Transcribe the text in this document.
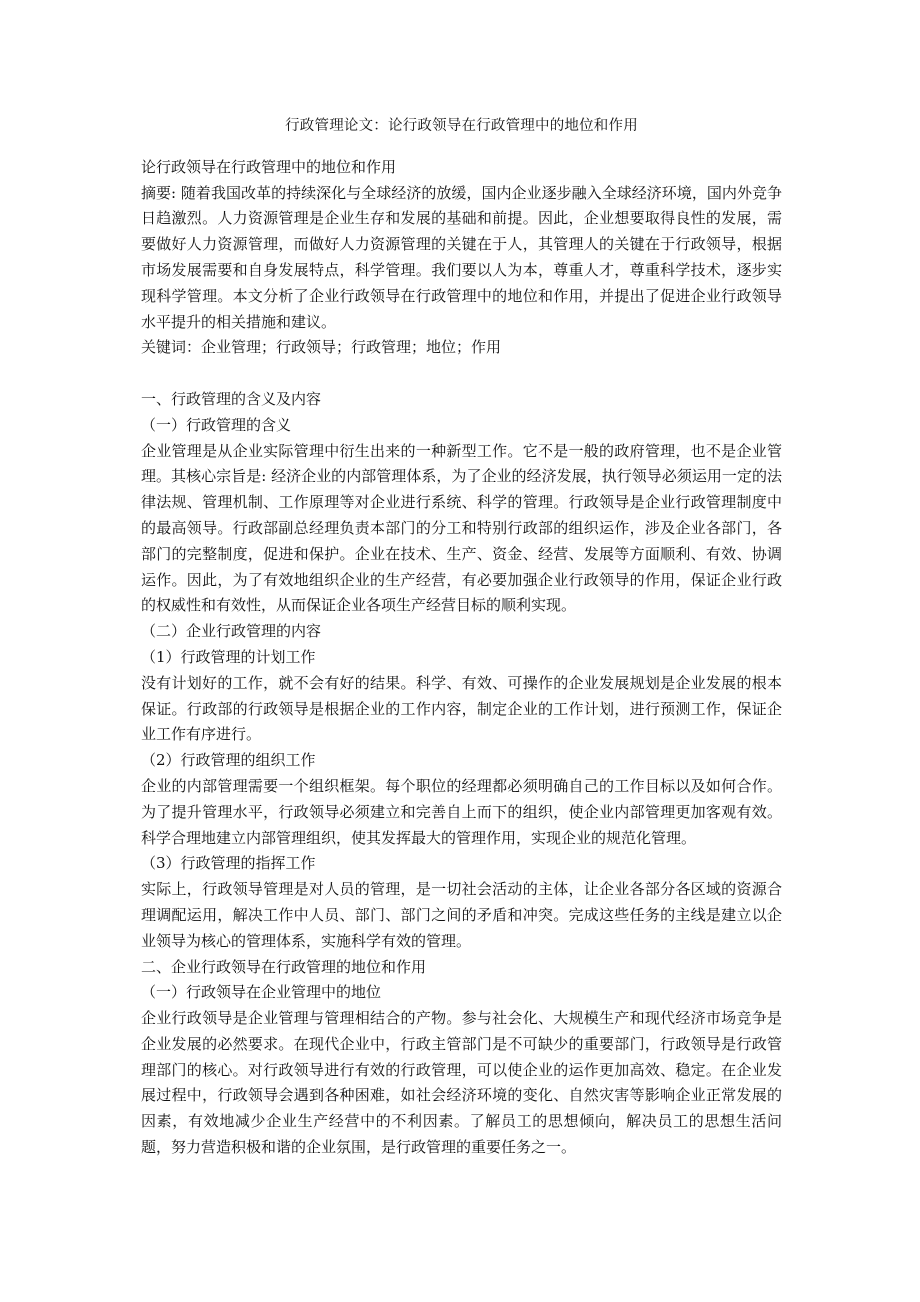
行政管理论文：论行政领导在行政管理中的地位和作用

论行政领导在行政管理中的地位和作用

摘要: 随着我国改革的持续深化与全球经济的放缓，国内企业逐步融入全球经济环境，国内外竞争日趋激烈。人力资源管理是企业生存和发展的基础和前提。因此，企业想要取得良性的发展，需要做好人力资源管理，而做好人力资源管理的关键在于人，其管理人的关键在于行政领导，根据市场发展需要和自身发展特点，科学管理。我们要以人为本，尊重人才，尊重科学技术，逐步实现科学管理。本文分析了企业行政领导在行政管理中的地位和作用，并提出了促进企业行政领导水平提升的相关措施和建议。

关键词：企业管理；行政领导；行政管理；地位；作用

一、行政管理的含义及内容

（一）行政管理的含义

企业管理是从企业实际管理中衍生出来的一种新型工作。它不是一般的政府管理，也不是企业管理。其核心宗旨是: 经济企业的内部管理体系，为了企业的经济发展，执行领导必须运用一定的法律法规、管理机制、工作原理等对企业进行系统、科学的管理。行政领导是企业行政管理制度中的最高领导。行政部副总经理负责本部门的分工和特别行政部的组织运作，涉及企业各部门，各部门的完整制度，促进和保护。企业在技术、生产、资金、经营、发展等方面顺利、有效、协调运作。因此，为了有效地组织企业的生产经营，有必要加强企业行政领导的作用，保证企业行政的权威性和有效性，从而保证企业各项生产经营目标的顺利实现。

（二）企业行政管理的内容

（1）行政管理的计划工作

没有计划好的工作，就不会有好的结果。科学、有效、可操作的企业发展规划是企业发展的根本保证。行政部的行政领导是根据企业的工作内容，制定企业的工作计划，进行预测工作，保证企业工作有序进行。

（2）行政管理的组织工作

企业的内部管理需要一个组织框架。每个职位的经理都必须明确自己的工作目标以及如何合作。为了提升管理水平，行政领导必须建立和完善自上而下的组织，使企业内部管理更加客观有效。科学合理地建立内部管理组织，使其发挥最大的管理作用，实现企业的规范化管理。

（3）行政管理的指挥工作

实际上，行政领导管理是对人员的管理，是一切社会活动的主体，让企业各部分各区域的资源合理调配运用，解决工作中人员、部门、部门之间的矛盾和冲突。完成这些任务的主线是建立以企业领导为核心的管理体系，实施科学有效的管理。

二、企业行政领导在行政管理的地位和作用

（一）行政领导在企业管理中的地位

企业行政领导是企业管理与管理相结合的产物。参与社会化、大规模生产和现代经济市场竞争是企业发展的必然要求。在现代企业中，行政主管部门是不可缺少的重要部门，行政领导是行政管理部门的核心。对行政领导进行有效的行政管理，可以使企业的运作更加高效、稳定。在企业发展过程中，行政领导会遇到各种困难，如社会经济环境的变化、自然灾害等影响企业正常发展的因素，有效地减少企业生产经营中的不利因素。了解员工的思想倾向，解决员工的思想生活问题，努力营造积极和谐的企业氛围，是行政管理的重要任务之一。
